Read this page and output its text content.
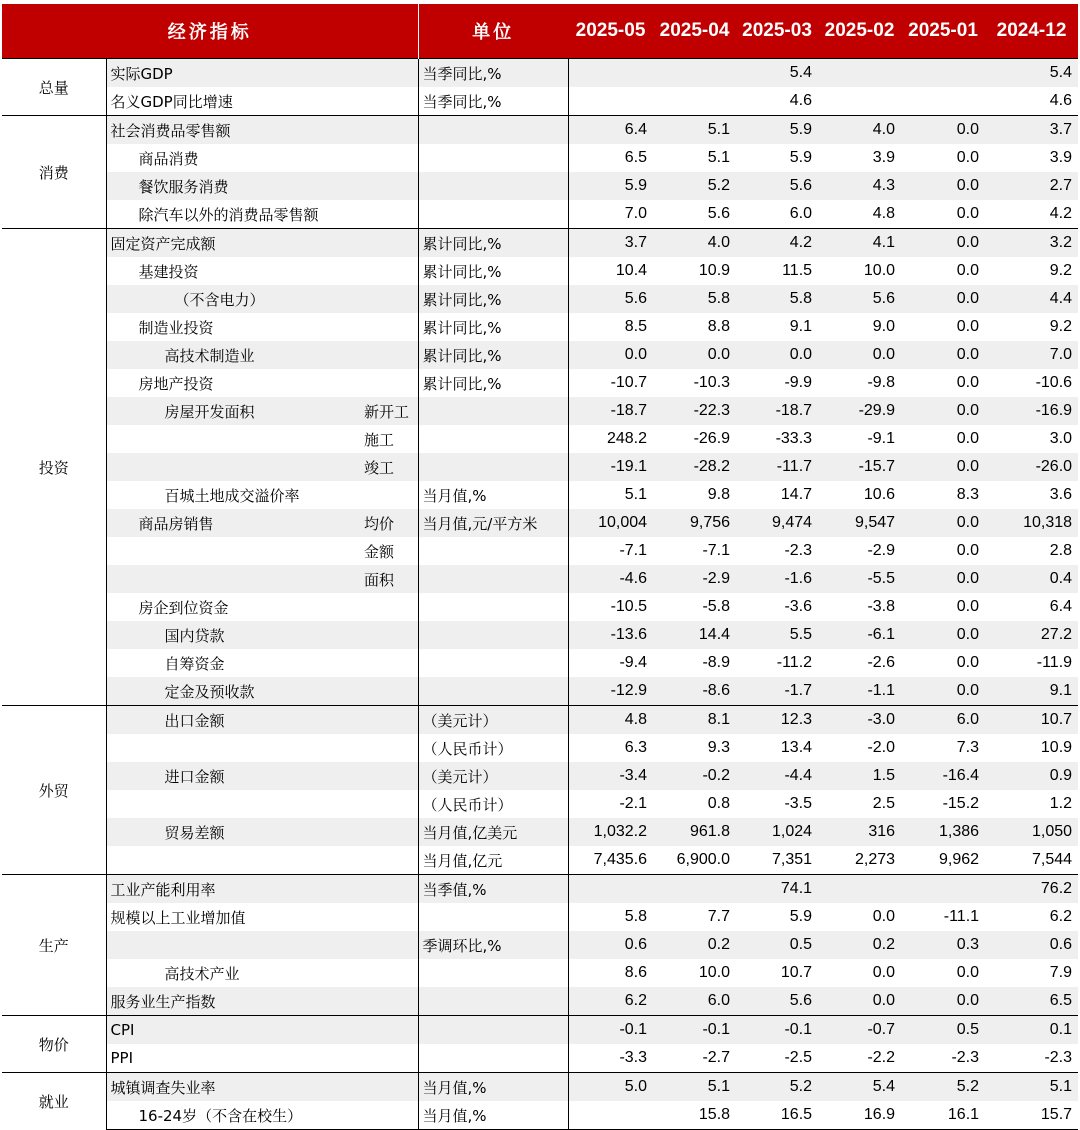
经济指标			单位	2025-05	2025-04	2025-03	2025-02	2025-01	2024-12
总量	实际GDP		当季同比,%			5.4			5.4
	名义GDP同比增速		当季同比,%			4.6			4.6
消费	社会消费品零售额			6.4	5.1	5.9	4.0	0.0	3.7
	商品消费			6.5	5.1	5.9	3.9	0.0	3.9
	餐饮服务消费			5.9	5.2	5.6	4.3	0.0	2.7
	除汽车以外的消费品零售额			7.0	5.6	6.0	4.8	0.0	4.2
投资	固定资产完成额		累计同比,%	3.7	4.0	4.2	4.1	0.0	3.2
	基建投资		累计同比,%	10.4	10.9	11.5	10.0	0.0	9.2
	（不含电力）		累计同比,%	5.6	5.8	5.8	5.6	0.0	4.4
	制造业投资		累计同比,%	8.5	8.8	9.1	9.0	0.0	9.2
	高技术制造业		累计同比,%	0.0	0.0	0.0	0.0	0.0	7.0
	房地产投资		累计同比,%	-10.7	-10.3	-9.9	-9.8	0.0	-10.6
	房屋开发面积	新开工		-18.7	-22.3	-18.7	-29.9	0.0	-16.9
		施工		248.2	-26.9	-33.3	-9.1	0.0	3.0
		竣工		-19.1	-28.2	-11.7	-15.7	0.0	-26.0
	百城土地成交溢价率		当月值,%	5.1	9.8	14.7	10.6	8.3	3.6
	商品房销售	均价	当月值,元/平方米	10,004	9,756	9,474	9,547	0.0	10,318
		金额		-7.1	-7.1	-2.3	-2.9	0.0	2.8
		面积		-4.6	-2.9	-1.6	-5.5	0.0	0.4
	房企到位资金			-10.5	-5.8	-3.6	-3.8	0.0	6.4
	国内贷款			-13.6	14.4	5.5	-6.1	0.0	27.2
	自筹资金			-9.4	-8.9	-11.2	-2.6	0.0	-11.9
	定金及预收款			-12.9	-8.6	-1.7	-1.1	0.0	9.1
外贸	出口金额		（美元计）	4.8	8.1	12.3	-3.0	6.0	10.7
			（人民币计）	6.3	9.3	13.4	-2.0	7.3	10.9
	进口金额		（美元计）	-3.4	-0.2	-4.4	1.5	-16.4	0.9
			（人民币计）	-2.1	0.8	-3.5	2.5	-15.2	1.2
	贸易差额		当月值,亿美元	1,032.2	961.8	1,024	316	1,386	1,050
			当月值,亿元	7,435.6	6,900.0	7,351	2,273	9,962	7,544
生产	工业产能利用率		当季值,%			74.1			76.2
	规模以上工业增加值			5.8	7.7	5.9	0.0	-11.1	6.2
			季调环比,%	0.6	0.2	0.5	0.2	0.3	0.6
	高技术产业			8.6	10.0	10.7	0.0	0.0	7.9
	服务业生产指数			6.2	6.0	5.6	0.0	0.0	6.5
物价	CPI			-0.1	-0.1	-0.1	-0.7	0.5	0.1
	PPI			-3.3	-2.7	-2.5	-2.2	-2.3	-2.3
就业	城镇调查失业率		当月值,%	5.0	5.1	5.2	5.4	5.2	5.1
	16-24岁（不含在校生）		当月值,%		15.8	16.5	16.9	16.1	15.7
